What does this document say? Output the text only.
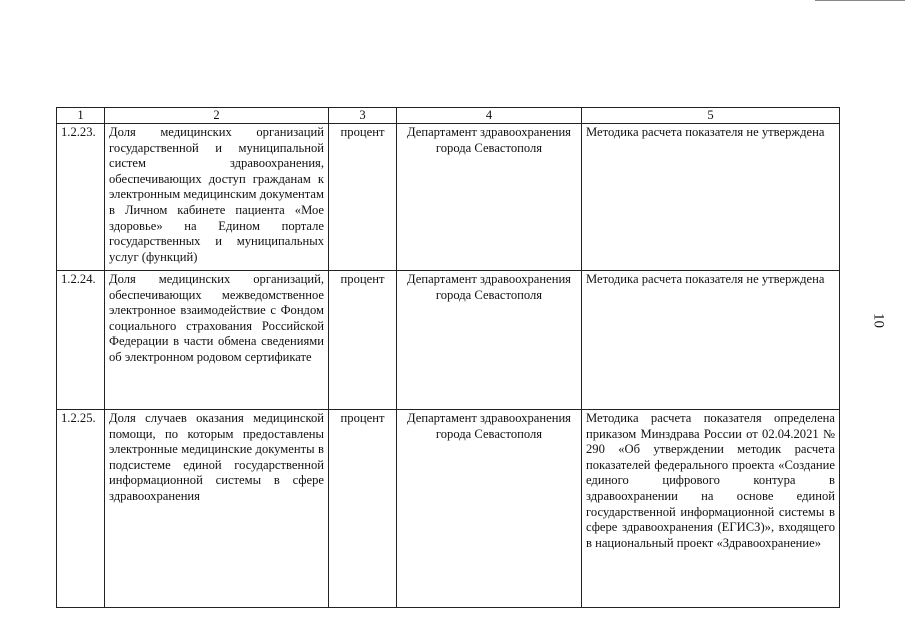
10
1	2	3	4	5
1.2.23.	Доля медицинских организаций государственной и муниципальной систем здравоохранения, обеспечивающих доступ гражданам к электронным медицинским документам в Личном кабинете пациента «Мое здоровье» на Едином портале государственных и муниципальных услуг (функций)	процент	Департамент здравоохранения города Севастополя	Методика расчета показателя не утверждена
1.2.24.	Доля медицинских организаций, обеспечивающих межведомственное электронное взаимодействие с Фондом социального страхования Российской Федерации в части обмена сведениями об электронном родовом сертификате	процент	Департамент здравоохранения города Севастополя	Методика расчета показателя не утверждена
1.2.25.	Доля случаев оказания медицинской помощи, по которым предоставлены электронные медицинские документы в подсистеме единой государственной информационной системы в сфере здравоохранения	процент	Департамент здравоохранения города Севастополя	Методика расчета показателя определена приказом Минздрава России от 02.04.2021 № 290 «Об утверждении методик расчета показателей федерального проекта «Создание единого цифрового контура в здравоохранении на основе единой государственной информационной системы в сфере здравоохранения (ЕГИСЗ)», входящего в национальный проект «Здравоохранение»
